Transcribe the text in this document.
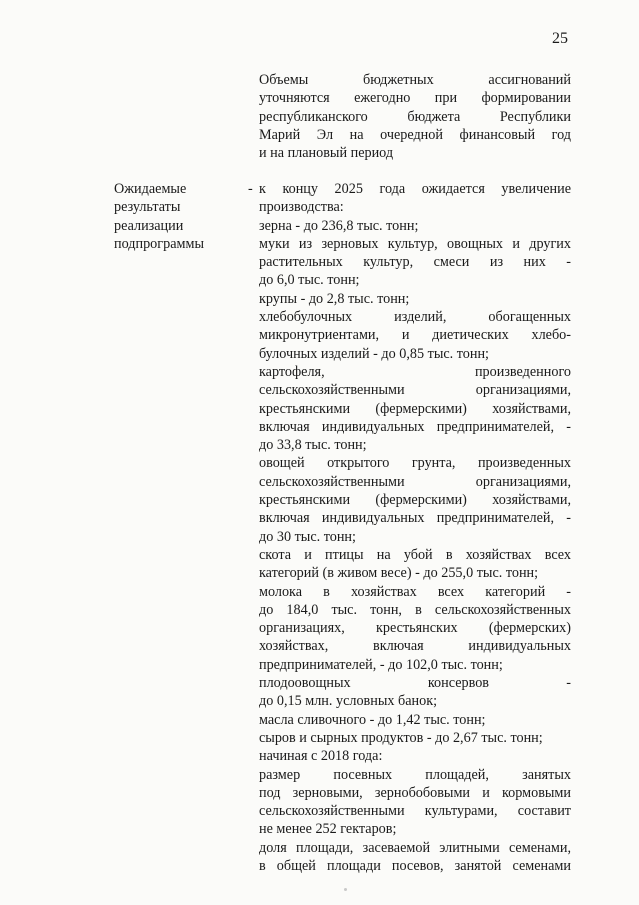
25
Объемы бюджетных ассигнований
уточняются ежегодно при формировании
республиканского бюджета Республики
Марий Эл на очередной финансовый год
и на плановый период
Ожидаемые
результаты
реализации
подпрограммы
- к концу 2025 года ожидается увеличение
производства:
зерна - до 236,8 тыс. тонн;
муки из зерновых культур, овощных и других
растительных культур, смеси из них -
до 6,0 тыс. тонн;
крупы - до 2,8 тыс. тонн;
хлебобулочных изделий, обогащенных
микронутриентами, и диетических хлебо-
булочных изделий - до 0,85 тыс. тонн;
картофеля, произведенного
сельскохозяйственными организациями,
крестьянскими (фермерскими) хозяйствами,
включая индивидуальных предпринимателей, -
до 33,8 тыс. тонн;
овощей открытого грунта, произведенных
сельскохозяйственными организациями,
крестьянскими (фермерскими) хозяйствами,
включая индивидуальных предпринимателей, -
до 30 тыс. тонн;
скота и птицы на убой в хозяйствах всех
категорий (в живом весе) - до 255,0 тыс. тонн;
молока в хозяйствах всех категорий -
до 184,0 тыс. тонн, в сельскохозяйственных
организациях, крестьянских (фермерских)
хозяйствах, включая индивидуальных
предпринимателей, - до 102,0 тыс. тонн;
плодоовощных консервов -
до 0,15 млн. условных банок;
масла сливочного - до 1,42 тыс. тонн;
сыров и сырных продуктов - до 2,67 тыс. тонн;
начиная с 2018 года:
размер посевных площадей, занятых
под зерновыми, зернобобовыми и кормовыми
сельскохозяйственными культурами, составит
не менее 252 гектаров;
доля площади, засеваемой элитными семенами,
в общей площади посевов, занятой семенами
